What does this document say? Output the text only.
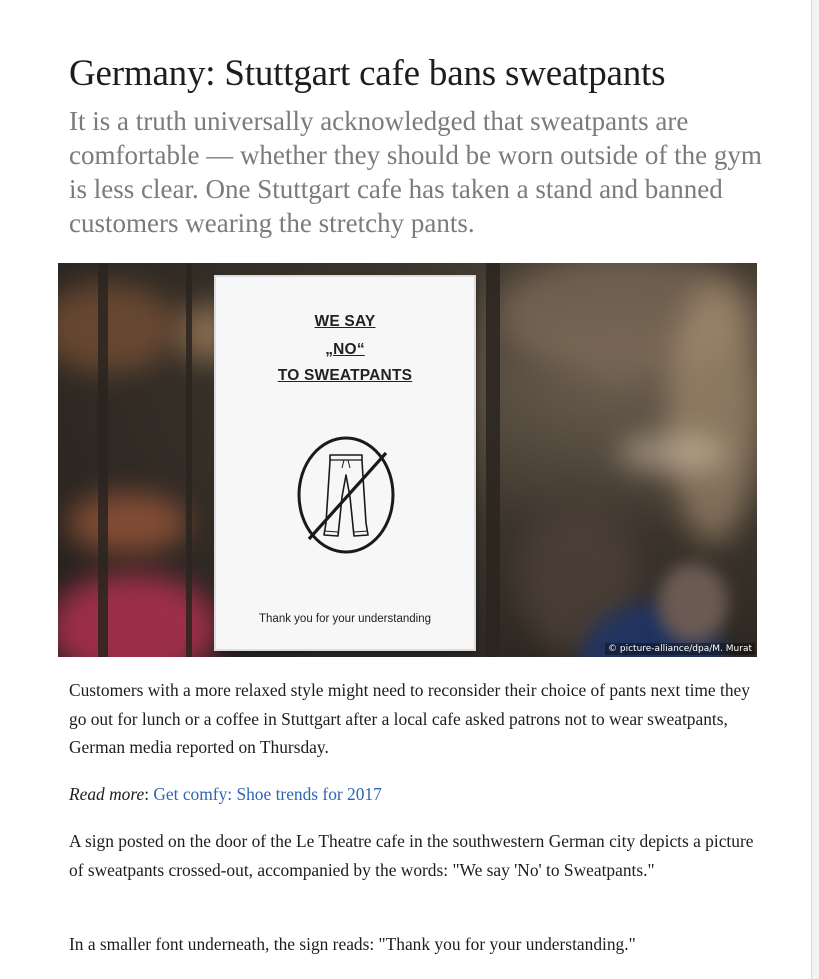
Germany: Stuttgart cafe bans sweatpants

It is a truth universally acknowledged that sweatpants are comfortable — whether they should be worn outside of the gym is less clear. One Stuttgart cafe has taken a stand and banned customers wearing the stretchy pants.

WE SAY
„NO“
TO SWEATPANTS
Thank you for your understanding
© picture-alliance/dpa/M. Murat

Customers with a more relaxed style might need to reconsider their choice of pants next time they go out for lunch or a coffee in Stuttgart after a local cafe asked patrons not to wear sweatpants, German media reported on Thursday.

Read more: Get comfy: Shoe trends for 2017

A sign posted on the door of the Le Theatre cafe in the southwestern German city depicts a picture of sweatpants crossed-out, accompanied by the words: "We say 'No' to Sweatpants."

In a smaller font underneath, the sign reads: "Thank you for your understanding."
